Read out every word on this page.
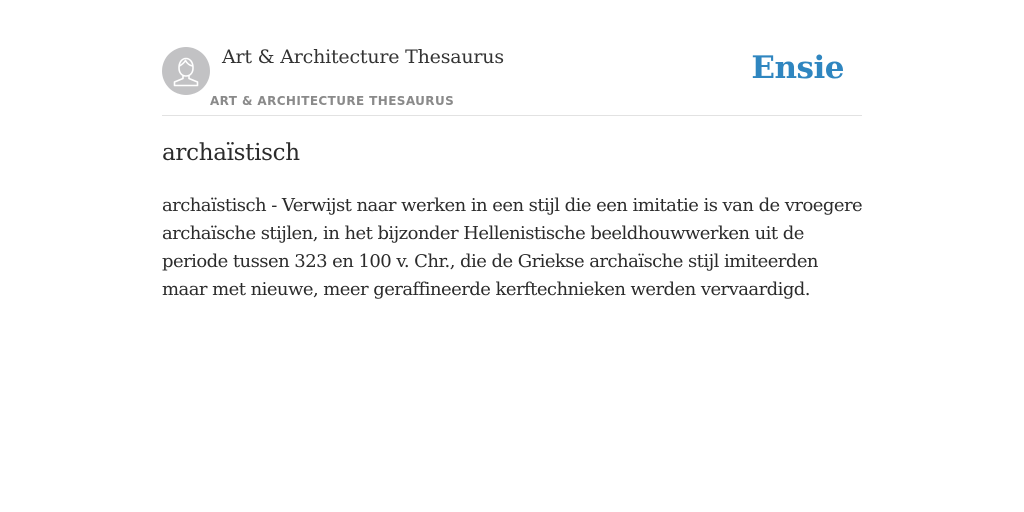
Art & Architecture Thesaurus
ART & ARCHITECTURE THESAURUS
Ensie
archaïstisch

archaïstisch - Verwijst naar werken in een stijl die een imitatie is van de vroegere archaïsche stijlen, in het bijzonder Hellenistische beeldhouwwerken uit de periode tussen 323 en 100 v. Chr., die de Griekse archaïsche stijl imiteerden maar met nieuwe, meer geraffineerde kerftechnieken werden vervaardigd.
